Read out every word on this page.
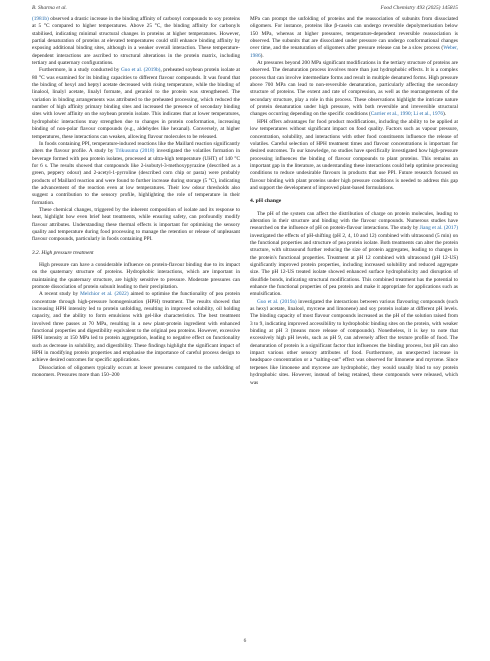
B. Sharma et al.	Food Chemistry 493 (2025) 145815

(1981b) observed a drastic increase in the binding affinity of carbonyl compounds to soy proteins at 5 °C compared to higher temperatures. Above 25 °C, the binding affinity for carbonyls stabilised, indicating minimal structural changes in proteins at higher temperatures. However, partial denaturation of proteins at elevated temperatures could still enhance binding affinity by exposing additional binding sites, although in a weaker overall interaction. These temperature-dependent interactions are ascribed to structural alterations in the protein matrix, including tertiary and quaternary configurations.

Furthermore, in a study conducted by Guo et al. (2019b), preheated soybean protein isolate at 80 °C was examined for its binding capacities to different flavour compounds. It was found that the binding of hexyl and heptyl acetate decreased with rising temperature, while the binding of linalool, linalyl acetate, linalyl formate, and geraniol to the protein was strengthened. The variation in binding arrangements was attributed to the preheated processing, which reduced the number of high affinity primary binding sites and increased the presence of secondary binding sites with lower affinity on the soybean protein isolate. This indicates that at lower temperatures, hydrophobic interactions may strengthen due to changes in protein conformation, increasing binding of non-polar flavour compounds (e.g., aldehydes like hexanal). Conversely, at higher temperatures, these interactions can weaken, allowing flavour molecules to be released.

In foods containing PPI, temperature-induced reactions like the Maillard reaction significantly alters the flavour profile. A study by Trikusuma (2018) investigated the volatiles formation in beverage formed with pea protein isolates, processed at ultra-high temperature (UHT) of 140 °C for 6 s. The results showed that compounds like 2-isobutyl-3-methoxypyrazine (described as a green, peppery odour) and 2-acetyl-1-pyrroline (described corn chip or pasta) were probably products of Maillard reaction and were found to further increase during storage (5 °C), indicating the advancement of the reaction even at low temperatures. Their low odour thresholds also suggest a contribution to the sensory profile, highlighting the role of temperature in their formation.

These chemical changes, triggered by the inherent composition of isolate and its response to heat, highlight how even brief heat treatments, while ensuring safety, can profoundly modify flavour attributes. Understanding these thermal effects is important for optimising the sensory quality and temperature during food processing to manage the retention or release of unpleasant flavour compounds, particularly in foods containing PPI.

3.2. High pressure treatment

High pressure can have a considerable influence on protein-flavour binding due to its impact on the quaternary structure of proteins. Hydrophobic interactions, which are important in maintaining the quaternary structure, are highly sensitive to pressure. Moderate pressures can promote dissociation of protein subunit leading to their precipitation.

A recent study by Melchior et al. (2022) aimed to optimise the functionality of pea protein concentrate through high-pressure homogenisation (HPH) treatment. The results showed that increasing HPH intensity led to protein unfolding, resulting in improved solubility, oil holding capacity, and the ability to form emulsions with gel-like characteristics. The best treatment involved three passes at 70 MPa, resulting in a new plant-protein ingredient with enhanced functional properties and digestibility equivalent to the original pea proteins. However, excessive HPH intensity at 150 MPa led to protein aggregation, leading to negative effect on functionality such as decrease in solubility, and digestibility. These findings highlight the significant impact of HPH in modifying protein properties and emphasise the importance of careful process design to achieve desired outcomes for specific applications.

Dissociation of oligomers typically occurs at lower pressures compared to the unfolding of monomers. Pressures more than 150–200

MPa can prompt the unfolding of proteins and the reassociation of subunits from dissociated oligomers. For instance, proteins like β-casein can undergo reversible depolymerisation below 150 MPa, whereas at higher pressures, temperature-dependent reversible reassociation is observed. The subunits that are dissociated under pressure can undergo conformational changes over time, and the renaturation of oligomers after pressure release can be a slow process (Weber, 1986).

At pressures beyond 200 MPa significant modifications in the tertiary structure of proteins are observed. The denaturation process involves more than just hydrophobic effects. It is a complex process that can involve intermediate forms and result in multiple denatured forms. High pressure above 700 MPa can lead to non-reversible denaturation, particularly affecting the secondary structure of proteins. The extent and rate of compression, as well as the rearrangements of the secondary structure, play a role in this process. These observations highlight the intricate nature of protein denaturation under high pressure, with both reversible and irreversible structural changes occurring depending on the specific conditions (Carrier et al., 1990; Li et al., 1976).

HPH offers advantages for food product modifications, including the ability to be applied at low temperatures without significant impact on food quality. Factors such as vapour pressure, concentration, solubility, and interactions with other food constituents influence the release of volatiles. Careful selection of HPH treatment times and flavour concentrations is important for desired outcomes. To our knowledge, no studies have specifically investigated how high-pressure processing influences the binding of flavour compounds to plant proteins. This remains an important gap in the literature, as understanding these interactions could help optimise processing conditions to reduce undesirable flavours in products that use PPI. Future research focused on flavour binding with plant proteins under high pressure conditions is needed to address this gap and support the development of improved plant-based formulations.

4. pH change

The pH of the system can affect the distribution of charge on protein molecules, leading to alteration in their structure and binding with the flavour compounds. Numerous studies have researched on the influence of pH on protein-flavour interactions. The study by Jiang et al. (2017) investigated the effects of pH-shifting (pH 2, 4, 10 and 12) combined with ultrasound (5 min) on the functional properties and structure of pea protein isolate. Both treatments can alter the protein structure, with ultrasound further reducing the size of protein aggregates, leading to changes in the protein's functional properties. Treatment at pH 12 combined with ultrasound (pH 12-US) significantly improved protein properties, including increased solubility and reduced aggregate size. The pH 12-US treated isolate showed enhanced surface hydrophobicity and disruption of disulfide bonds, indicating structural modifications. This combined treatment has the potential to enhance the functional properties of pea protein and make it appropriate for applications such as emulsification.

Guo et al. (2019a) investigated the interactions between various flavouring compounds (such as hexyl acetate, linalool, myrcene and limonene) and soy protein isolate at different pH levels. The binding capacity of most flavour compounds increased as the pH of the solution raised from 3 to 9, indicating improved accessibility to hydrophobic binding sites on the protein, with weaker binding at pH 3 (means more release of compounds). Nonetheless, it is key to note that excessively high pH levels, such as pH 9, can adversely affect the texture profile of food. The denaturation of protein is a significant factor that influences the binding process, but pH can also impact various other sensory attributes of food. Furthermore, an unexpected increase in headspace concentration or a “salting-out” effect was observed for limonene and myrcene. Since terpenes like limonene and myrcene are hydrophobic, they would usually bind to soy protein hydrophobic sites. However, instead of being retained, these compounds were released, which was

6
